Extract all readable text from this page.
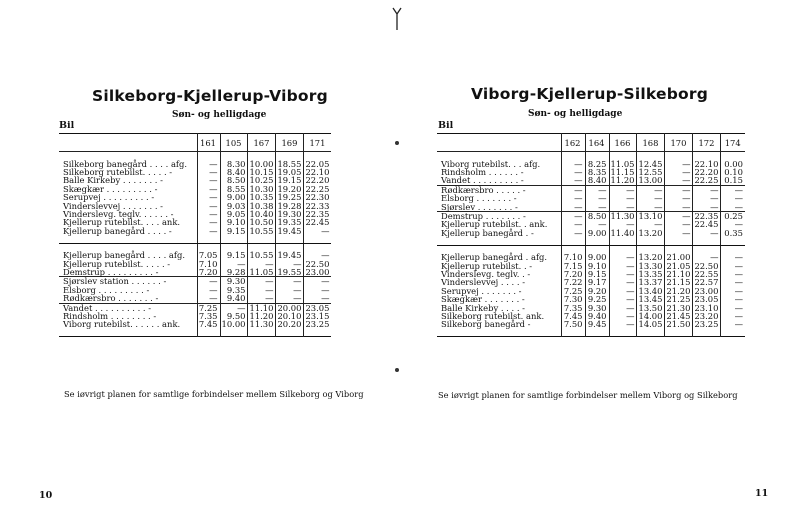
Silkeborg-Kjellerup-Viborg
Søn- og helligdage
Bil
	161	105	167	169	171

Silkeborg banegård . . . . afg.	—	8.30	10.00	18.55	22.05
Silkeborg rutebilst. . . . . -	—	8.40	10.15	19.05	22.10
Balle Kirkeby . . . . . . . -	—	8.50	10.25	19.15	22.20
Skægkær . . . . . . . . . -	—	8.55	10.30	19.20	22.25
Serupvej . . . . . . . . . -	—	9.00	10.35	19.25	22.30
Vinderslevvej . . . . . . . -	—	9.03	10.38	19.28	22.33
Vinderslevg. teglv. . . . . . -	—	9.05	10.40	19.30	22.35
Kjellerup rutebilst. . . . ank.	—	9.10	10.50	19.35	22.45
Kjellerup banegård . . . . -	—	9.15	10.55	19.45	—

Kjellerup banegård . . . . afg.	7.05	9.15	10.55	19.45	—
Kjellerup rutebilst. . . . . -	7.10	—	—	—	22.50
Demstrup . . . . . . . . . -	7.20	9.28	11.05	19.55	23.00
Sjørslev station . . . . . . -	—	9.30	—	—	—
Elsborg . . . . . . . . . -	—	9.35	—	—	—
Rødkærsbro . . . . . . . -	—	9.40	—	—	—
Vandet . . . . . . . . . . -	7.25	—	11.10	20.00	23.05
Rindsholm . . . . . . . . -	7.35	9.50	11.20	20.10	23.15
Viborg rutebilst. . . . . . ank.	7.45	10.00	11.30	20.20	23.25

Se iøvrigt planen for samtlige forbindelser mellem Silkeborg og Viborg
10
Viborg-Kjellerup-Silkeborg
Søn- og helligdage
Bil
	162	164	166	168	170	172	174

Viborg rutebilst. . . afg.	—	8.25	11.05	12.45	—	22.10	0.00
Rindsholm . . . . . . -	—	8.35	11.15	12.55	—	22.20	0.10
Vandet . . . . . . . . . -	—	8.40	11.20	13.00	—	22.25	0.15
Rødkærsbro . . . . . -	—	—	—	—	—	—	—
Elsborg . . . . . . . -	—	—	—	—	—	—	—
Sjørslev . . . . . . . -	—	—	—	—	—	—	—
Demstrup . . . . . . . -	—	8.50	11.30	13.10	—	22.35	0.25
Kjellerup rutebilst. . ank.	—	—	—	—	—	22.45	—
Kjellerup banegård . -	—	9.00	11.40	13.20	—	—	0.35

Kjellerup banegård . afg.	7.10	9.00	—	13.20	21.00	—	—
Kjellerup rutebilst. . -	7.15	9.10	—	13.30	21.05	22.50	—
Vinderslevg. teglv. . -	7.20	9.15	—	13.35	21.10	22.55	—
Vinderslevvej . . . . -	7.22	9.17	—	13.37	21.15	22.57	—
Serupvej . . . . . . . -	7.25	9.20	—	13.40	21.20	23.00	—
Skægkær . . . . . . . -	7.30	9.25	—	13.45	21.25	23.05	—
Balle Kirkeby . . . . -	7.35	9.30	—	13.50	21.30	23.10	—
Silkeborg rutebilst. ank.	7.45	9.40	—	14.00	21.45	23.20	—
Silkeborg banegård -	7.50	9.45	—	14.05	21.50	23.25	—

Se iøvrigt planen for samtlige forbindelser mellem Viborg og Silkeborg
11
